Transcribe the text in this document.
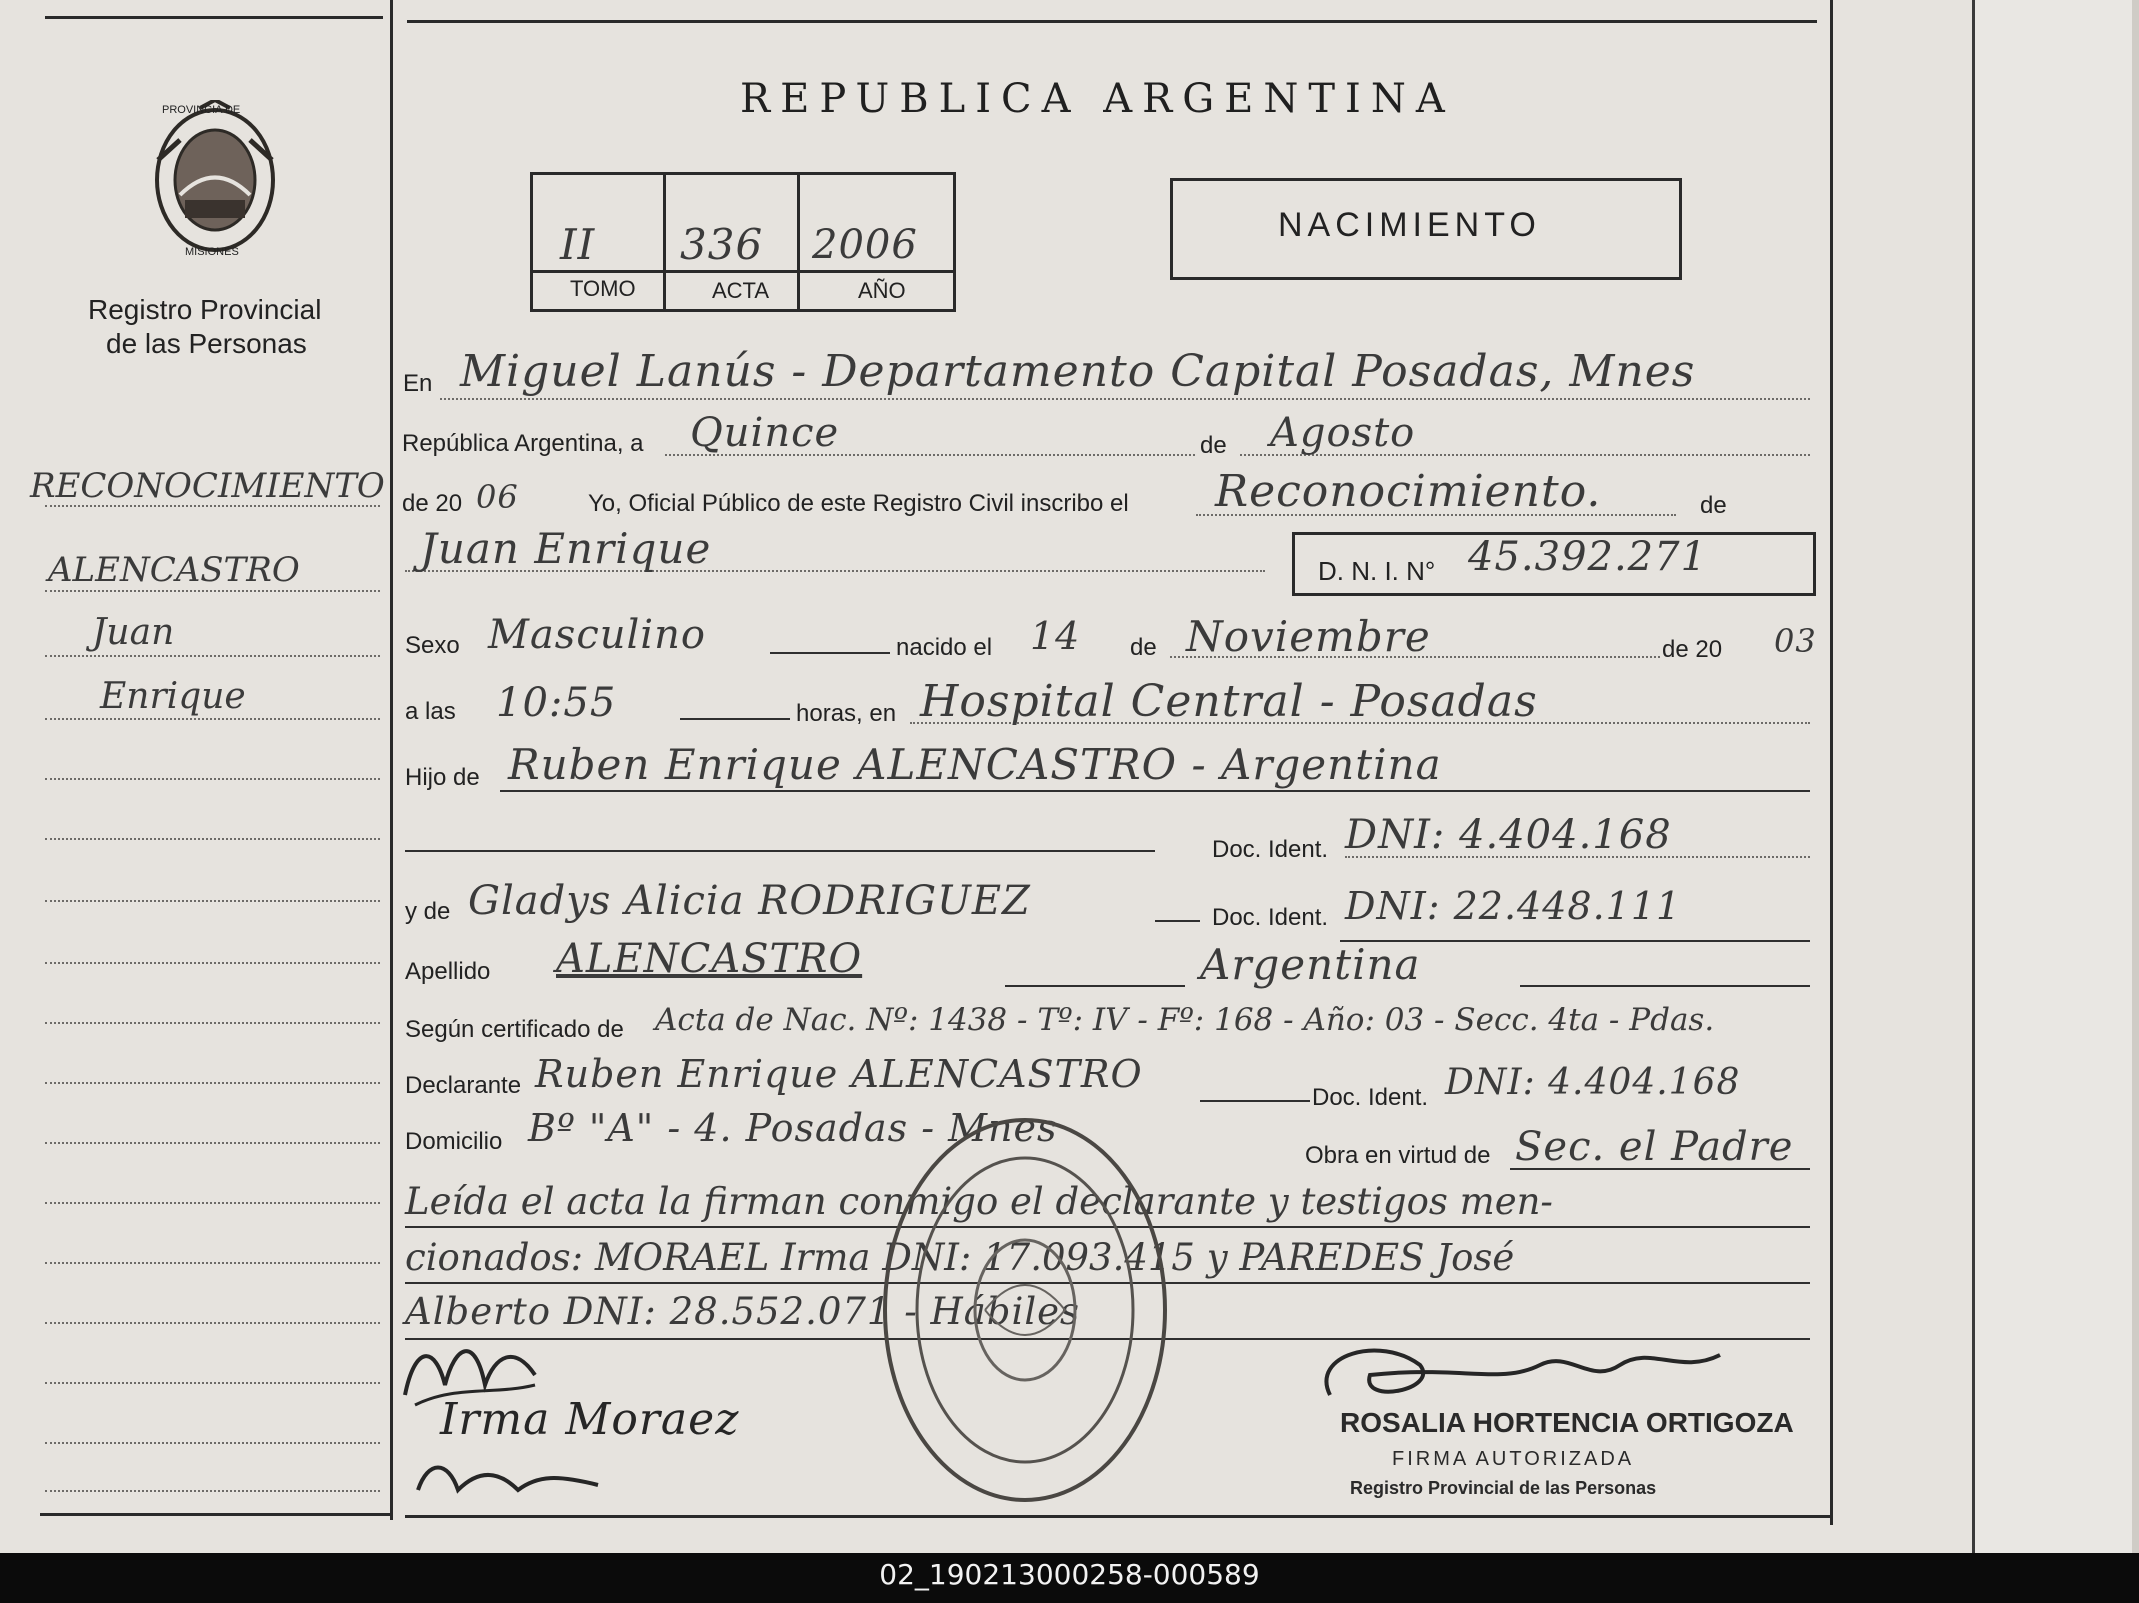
PROVINCIA DE
MISIONES
Registro Provincial
de las Personas
RECONOCIMIENTO
ALENCASTRO
Juan
Enrique
REPUBLICA ARGENTINA
II 336 2006
TOMO	ACTA	AÑO
NACIMIENTO
En Miguel Lanús - Departamento Capital Posadas, Mnes
República Argentina, a Quince	de Agosto
de 20 06	Yo, Oficial Público de este Registro Civil inscribo el Reconocimiento.	de
Juan Enrique	D. N. I. N° 45.392.271
Sexo Masculino	nacido el 14 de Noviembre	de 20 03
a las 10:55	horas, en Hospital Central - Posadas
Hijo de Ruben Enrique ALENCASTRO - Argentina
Doc. Ident. DNI: 4.404.168
y de Gladys Alicia RODRIGUEZ	Doc. Ident. DNI: 22.448.111
Apellido ALENCASTRO	Argentina
Según certificado de Acta de Nac. Nº: 1438 - Tº: IV - Fº: 168 - Año: 03 - Secc. 4ta - Pdas.
Declarante Ruben Enrique ALENCASTRO
Doc. Ident. DNI: 4.404.168
Domicilio Bº "A" - 4. Posadas - Mnes
Obra en virtud de Sec. el Padre
Leída el acta la firman conmigo el declarante y testigos men-
cionados: MORAEL Irma DNI: 17.093.415 y PAREDES José
Alberto DNI: 28.552.071 - Hábiles
Irma Moraez	ROSALIA HORTENCIA ORTIGOZA
FIRMA AUTORIZADA
Registro Provincial de las Personas
02_190213000258-000589
